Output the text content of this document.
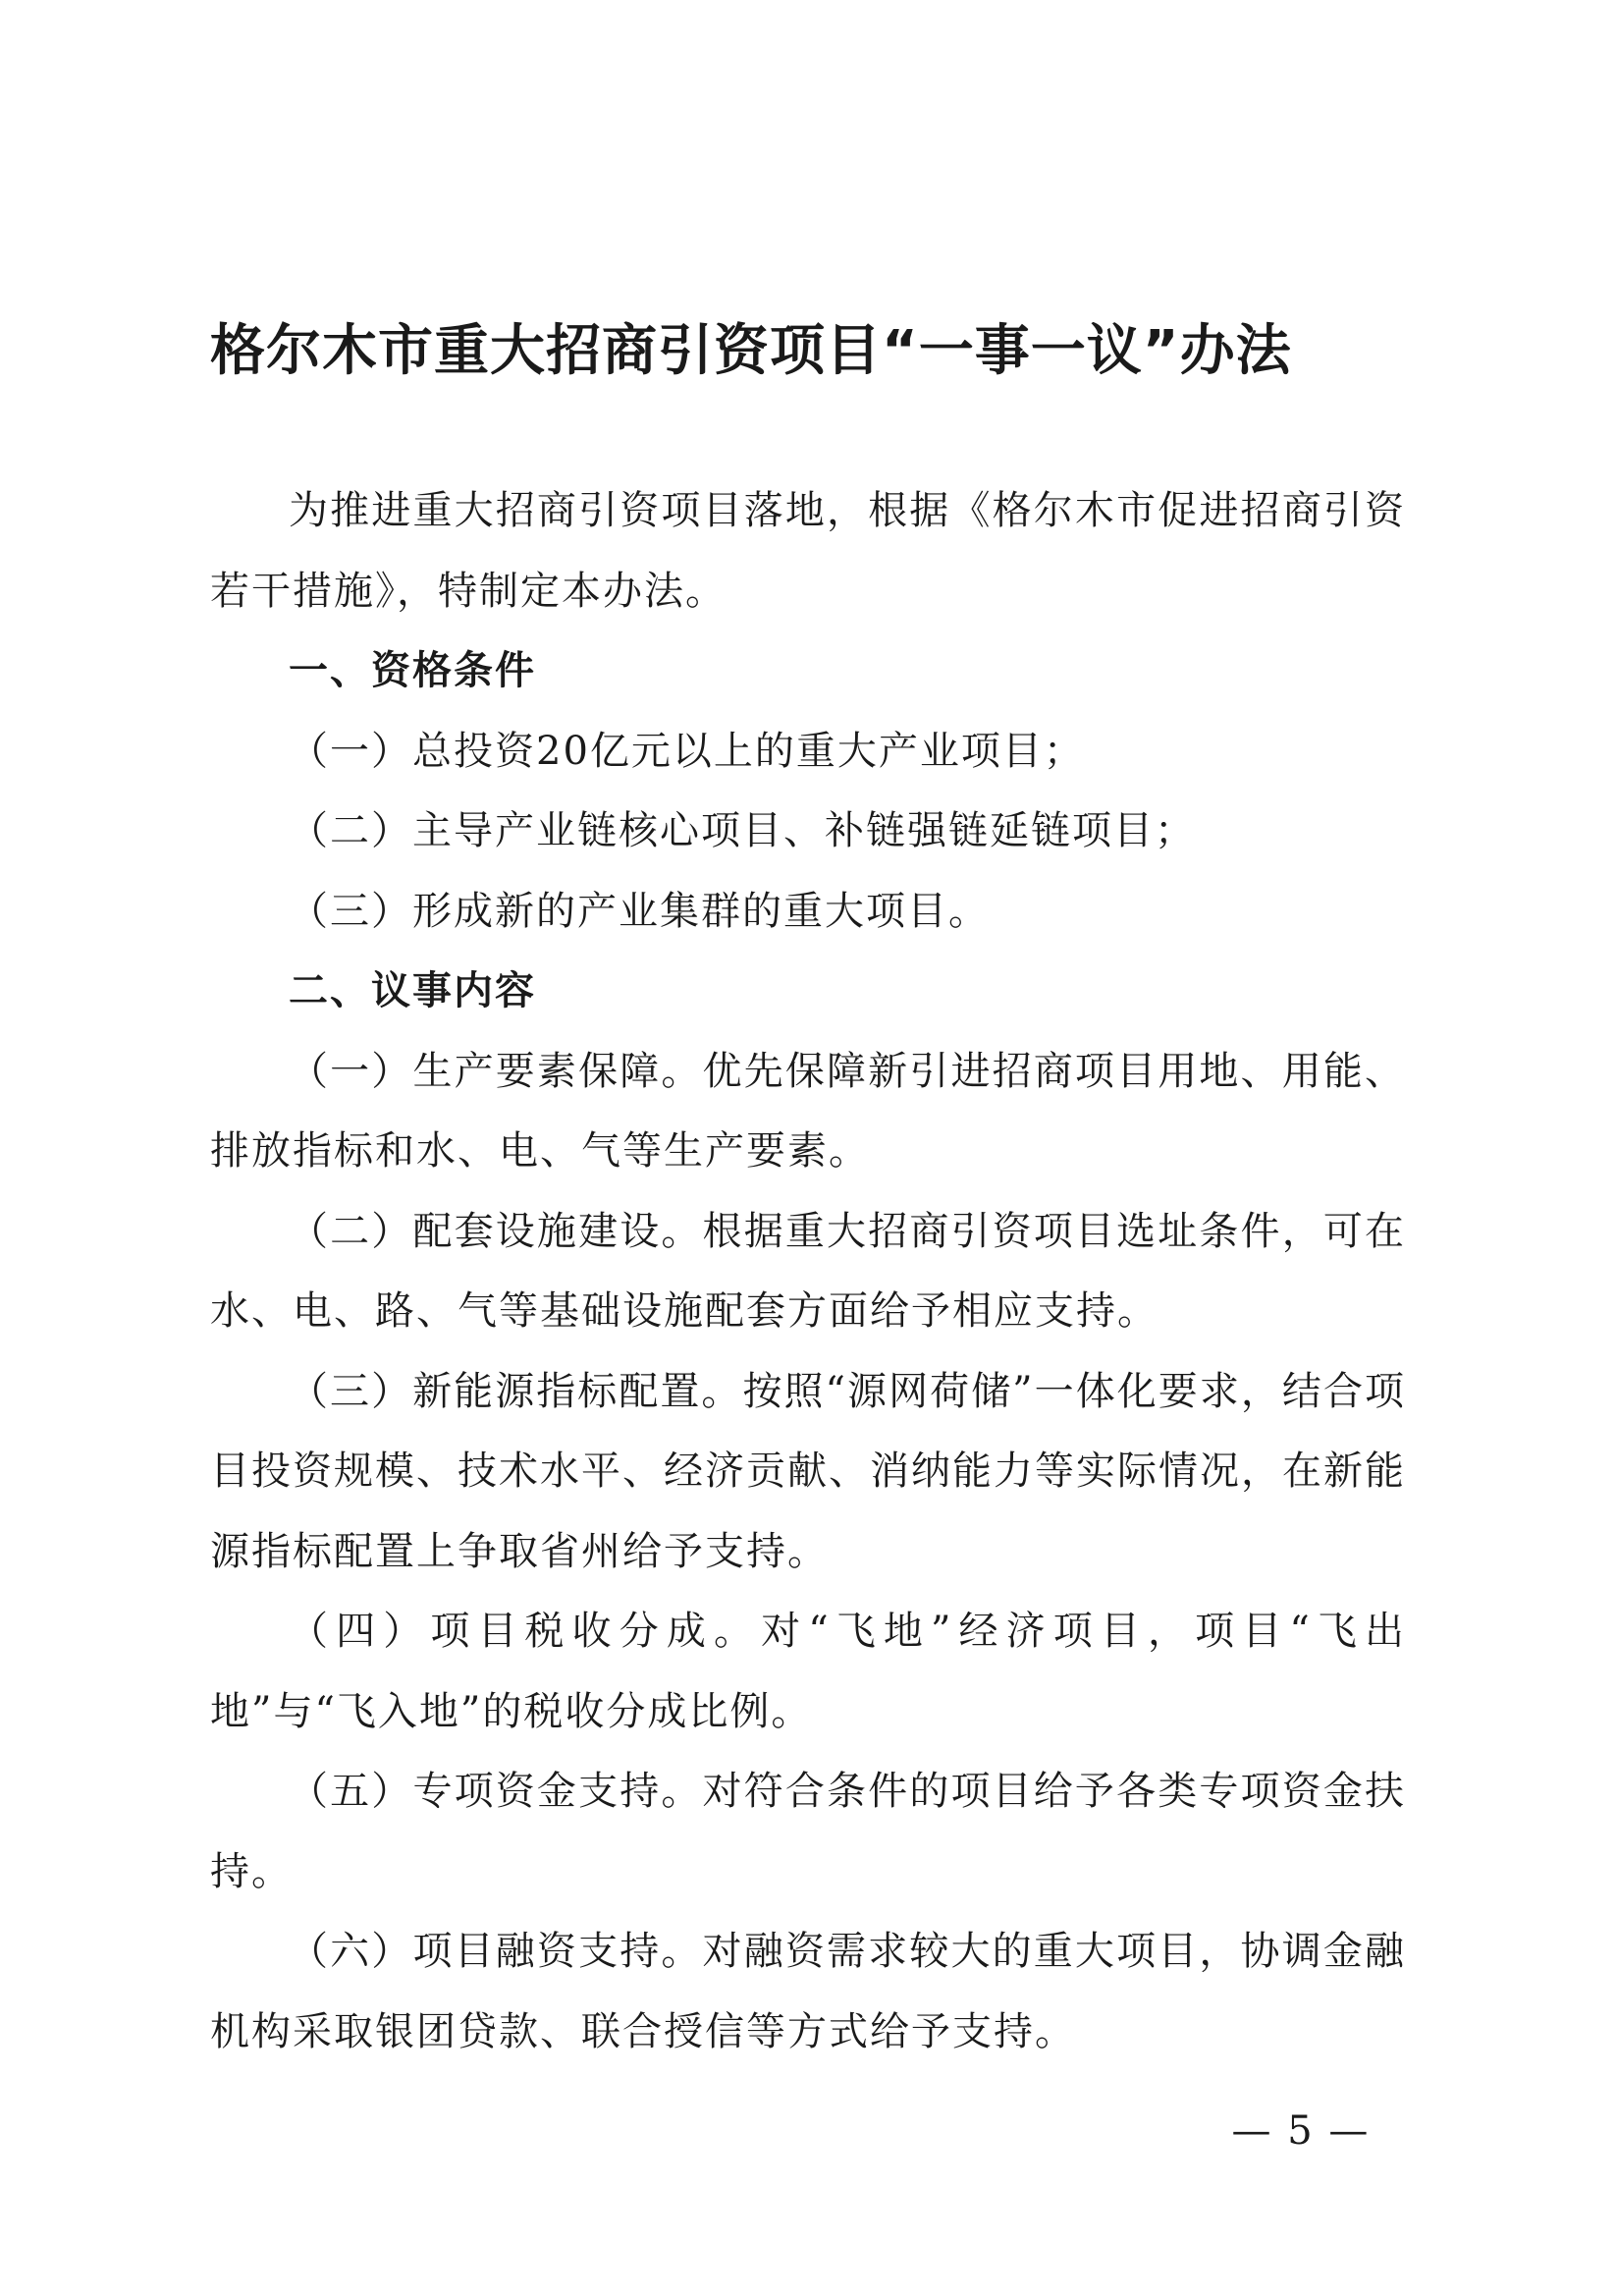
格尔木市重大招商引资项目“一事一议”办法

为推进重大招商引资项目落地，根据《格尔木市促进招商引资若干措施》，特制定本办法。

一、资格条件

（一）总投资20亿元以上的重大产业项目；

（二）主导产业链核心项目、补链强链延链项目；

（三）形成新的产业集群的重大项目。

二、议事内容

（一）生产要素保障。优先保障新引进招商项目用地、用能、排放指标和水、电、气等生产要素。

（二）配套设施建设。根据重大招商引资项目选址条件，可在水、电、路、气等基础设施配套方面给予相应支持。

（三）新能源指标配置。按照“源网荷储”一体化要求，结合项目投资规模、技术水平、经济贡献、消纳能力等实际情况，在新能源指标配置上争取省州给予支持。

（四）项目税收分成。对“飞地”经济项目，项目“飞出地”与“飞入地”的税收分成比例。

（五）专项资金支持。对符合条件的项目给予各类专项资金扶持。

（六）项目融资支持。对融资需求较大的重大项目，协调金融机构采取银团贷款、联合授信等方式给予支持。

— 5 —
